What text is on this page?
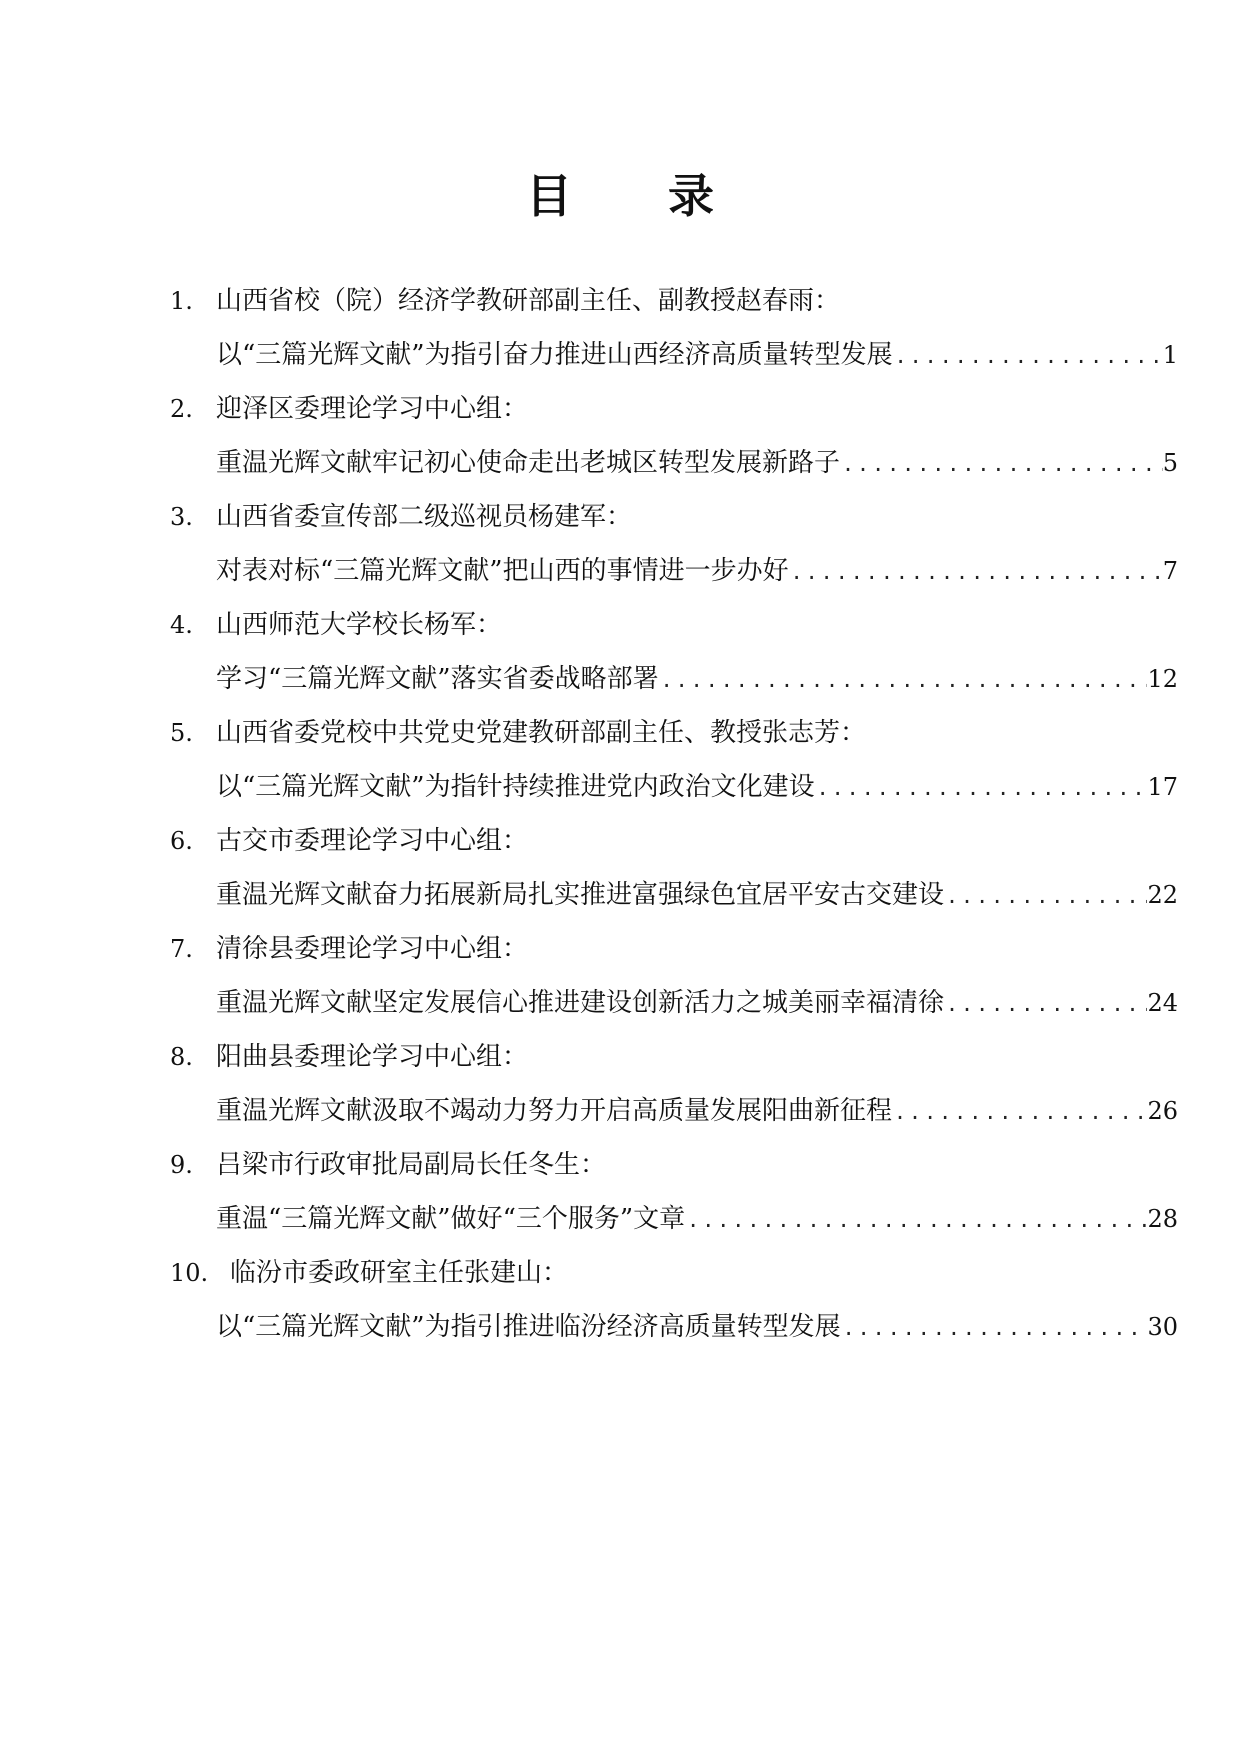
目 录
1. 山西省校（院）经济学教研部副主任、副教授赵春雨：
以“三篇光辉文献”为指引奋力推进山西经济高质量转型发展 .....	1
2. 迎泽区委理论学习中心组：
重温光辉文献牢记初心使命走出老城区转型发展新路子 .....	5
3. 山西省委宣传部二级巡视员杨建军：
对表对标“三篇光辉文献”把山西的事情进一步办好 .....	7
4. 山西师范大学校长杨军：
学习“三篇光辉文献”落实省委战略部署 .....	12
5. 山西省委党校中共党史党建教研部副主任、教授张志芳：
以“三篇光辉文献”为指针持续推进党内政治文化建设 .....	17
6. 古交市委理论学习中心组：
重温光辉文献奋力拓展新局扎实推进富强绿色宜居平安古交建设 .....	22
7. 清徐县委理论学习中心组：
重温光辉文献坚定发展信心推进建设创新活力之城美丽幸福清徐 .....	24
8. 阳曲县委理论学习中心组：
重温光辉文献汲取不竭动力努力开启高质量发展阳曲新征程 .....	26
9. 吕梁市行政审批局副局长任冬生：
重温“三篇光辉文献”做好“三个服务”文章 .....	28
10. 临汾市委政研室主任张建山：
以“三篇光辉文献”为指引推进临汾经济高质量转型发展 .....	30
